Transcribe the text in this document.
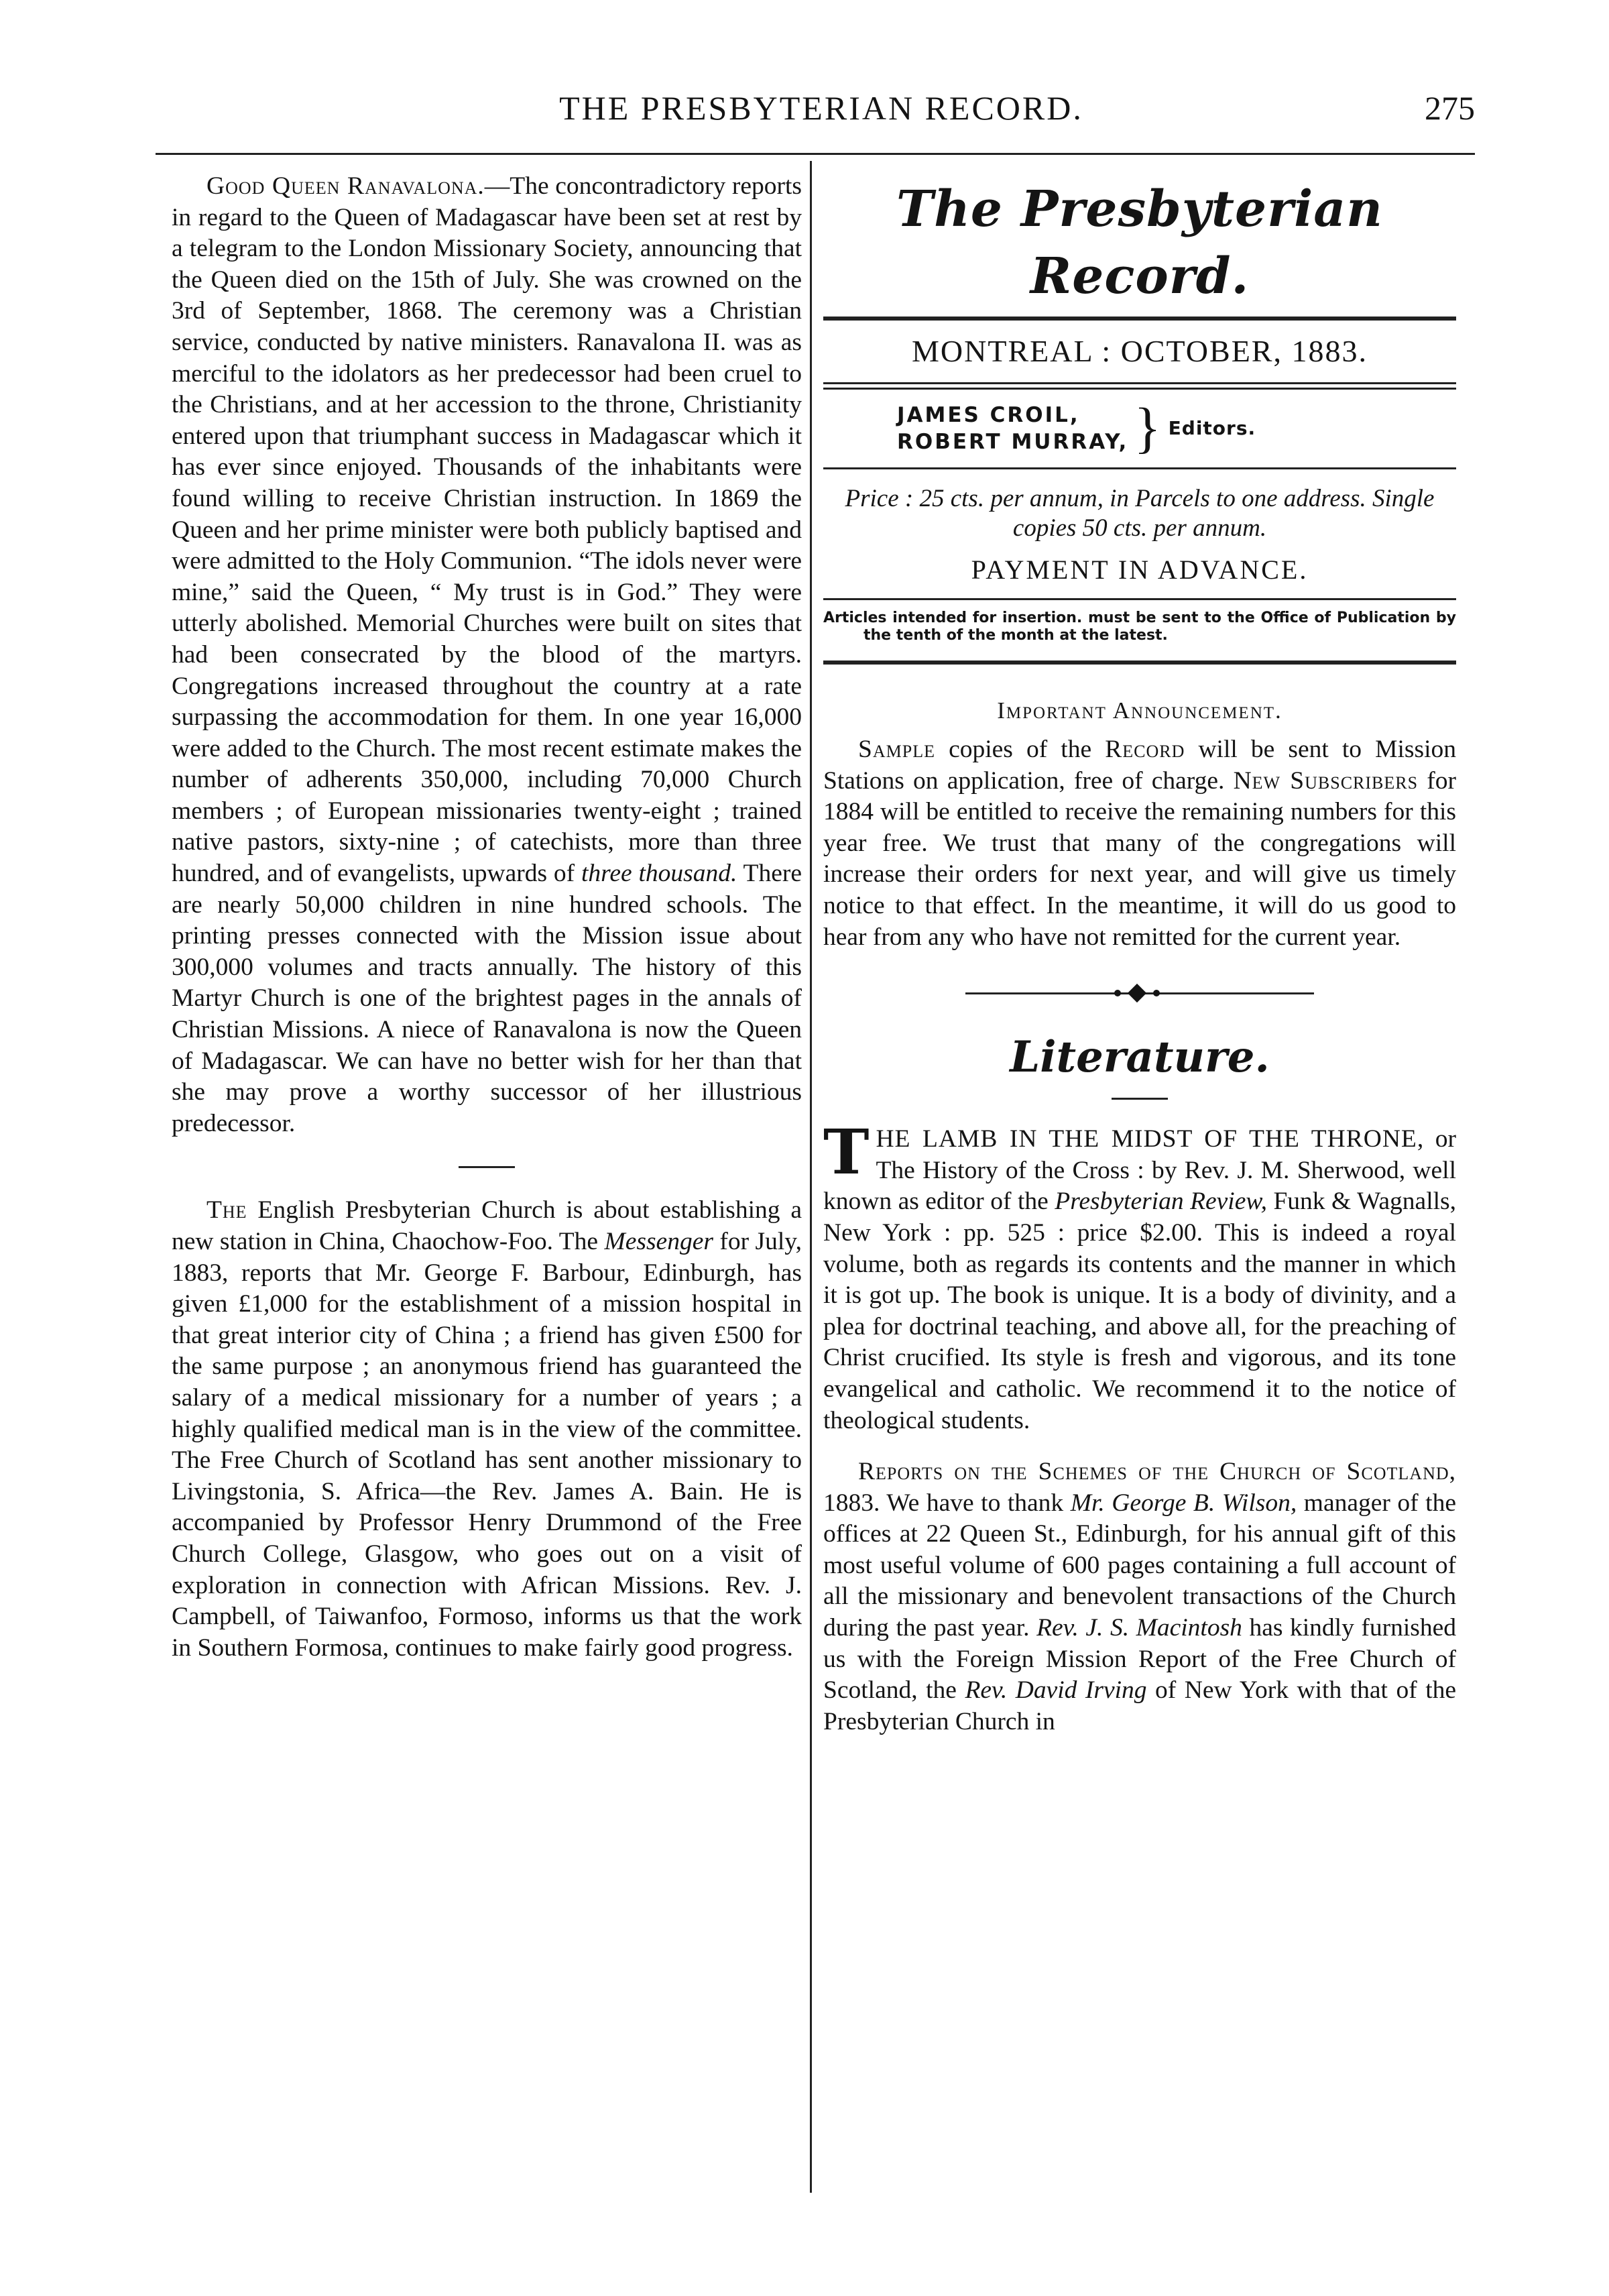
THE PRESBYTERIAN RECORD.	275

Good Queen Ranavalona.—The concontradictory reports in regard to the Queen of Madagascar have been set at rest by a telegram to the London Missionary Society, announcing that the Queen died on the 15th of July. She was crowned on the 3rd of September, 1868. The ceremony was a Christian service, conducted by native ministers. Ranavalona II. was as merciful to the idolators as her predecessor had been cruel to the Christians, and at her accession to the throne, Christianity entered upon that triumphant success in Madagascar which it has ever since enjoyed. Thousands of the inhabitants were found willing to receive Christian instruction. In 1869 the Queen and her prime minister were both publicly baptised and were admitted to the Holy Communion. “The idols never were mine,” said the Queen, “ My trust is in God.” They were utterly abolished. Memorial Churches were built on sites that had been consecrated by the blood of the martyrs. Congregations increased throughout the country at a rate surpassing the accommodation for them. In one year 16,000 were added to the Church. The most recent estimate makes the number of adherents 350,000, including 70,000 Church members ; of European missionaries twenty-eight ; trained native pastors, sixty-nine ; of catechists, more than three hundred, and of evangelists, upwards of three thousand. There are nearly 50,000 children in nine hundred schools. The printing presses connected with the Mission issue about 300,000 volumes and tracts annually. The history of this Martyr Church is one of the brightest pages in the annals of Christian Missions. A niece of Ranavalona is now the Queen of Madagascar. We can have no better wish for her than that she may prove a worthy successor of her illustrious predecessor.

The English Presbyterian Church is about establishing a new station in China, Chaochow-Foo. The Messenger for July, 1883, reports that Mr. George F. Barbour, Edinburgh, has given £1,000 for the establishment of a mission hospital in that great interior city of China ; a friend has given £500 for the same purpose ; an anonymous friend has guaranteed the salary of a medical missionary for a number of years ; a highly qualified medical man is in the view of the committee. The Free Church of Scotland has sent another missionary to Livingstonia, S. Africa—the Rev. James A. Bain. He is accompanied by Professor Henry Drummond of the Free Church College, Glasgow, who goes out on a visit of exploration in connection with African Missions. Rev. J. Campbell, of Taiwanfoo, Formoso, informs us that the work in Southern Formosa, continues to make fairly good progress.

The Presbyterian Record.
MONTREAL : OCTOBER, 1883.
JAMES CROIL,
ROBERT MURRAY, } Editors.
Price : 25 cts. per annum, in Parcels to one address. Single copies 50 cts. per annum.
PAYMENT IN ADVANCE.
Articles intended for insertion. must be sent to the Office of Publication by the tenth of the month at the latest.
Important Announcement.

Sample copies of the Record will be sent to Mission Stations on application, free of charge. New Subscribers for 1884 will be entitled to receive the remaining numbers for this year free. We trust that many of the congregations will increase their orders for next year, and will give us timely notice to that effect. In the meantime, it will do us good to hear from any who have not remitted for the current year.

Literature.

THE LAMB IN THE MIDST OF THE THRONE, or The History of the Cross : by Rev. J. M. Sherwood, well known as editor of the Presbyterian Review, Funk & Wagnalls, New York : pp. 525 : price $2.00. This is indeed a royal volume, both as regards its contents and the manner in which it is got up. The book is unique. It is a body of divinity, and a plea for doctrinal teaching, and above all, for the preaching of Christ crucified. Its style is fresh and vigorous, and its tone evangelical and catholic. We recommend it to the notice of theological students.

Reports on the Schemes of the Church of Scotland, 1883. We have to thank Mr. George B. Wilson, manager of the offices at 22 Queen St., Edinburgh, for his annual gift of this most useful volume of 600 pages containing a full account of all the missionary and benevolent transactions of the Church during the past year. Rev. J. S. Macintosh has kindly furnished us with the Foreign Mission Report of the Free Church of Scotland, the Rev. David Irving of New York with that of the Presbyterian Church in
